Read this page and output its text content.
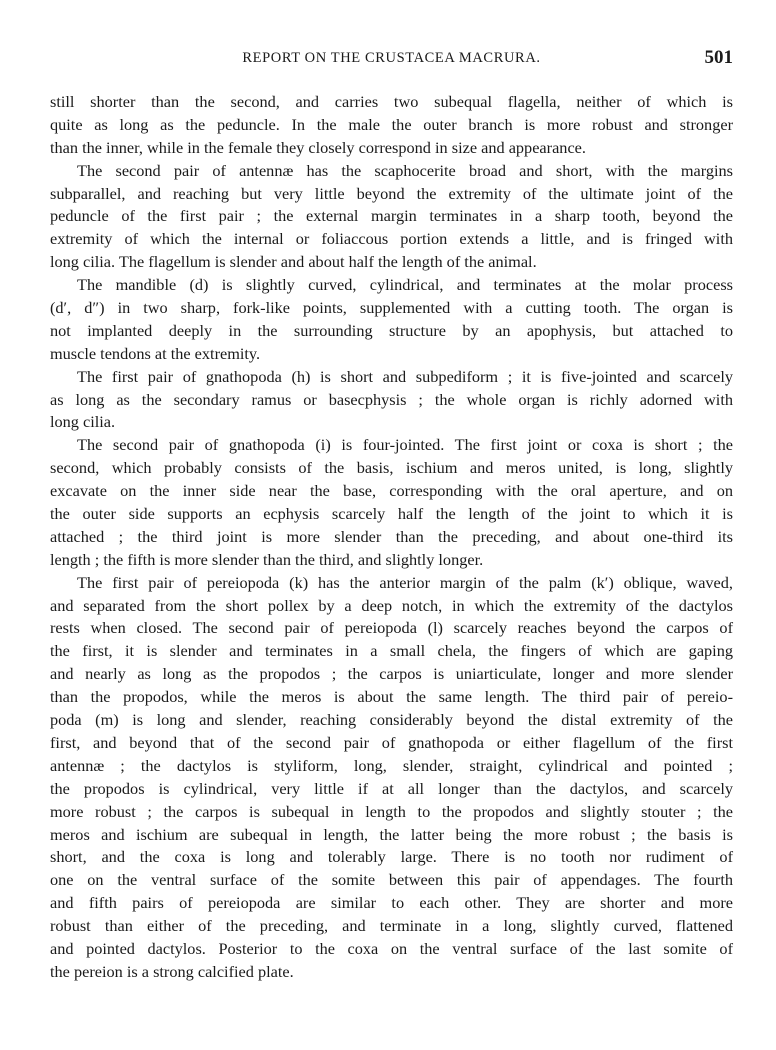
REPORT ON THE CRUSTACEA MACRURA.	501
still shorter than the second, and carries two subequal flagella, neither of which is
quite as long as the peduncle. In the male the outer branch is more robust and stronger
than the inner, while in the female they closely correspond in size and appearance.
The second pair of antennæ has the scaphocerite broad and short, with the margins
subparallel, and reaching but very little beyond the extremity of the ultimate joint of the
peduncle of the first pair ; the external margin terminates in a sharp tooth, beyond the
extremity of which the internal or foliaccous portion extends a little, and is fringed with
long cilia. The flagellum is slender and about half the length of the animal.
The mandible (d) is slightly curved, cylindrical, and terminates at the molar process
(d′, d″) in two sharp, fork-like points, supplemented with a cutting tooth. The organ is
not implanted deeply in the surrounding structure by an apophysis, but attached to
muscle tendons at the extremity.
The first pair of gnathopoda (h) is short and subpediform ; it is five-jointed and scarcely
as long as the secondary ramus or basecphysis ; the whole organ is richly adorned with
long cilia.
The second pair of gnathopoda (i) is four-jointed. The first joint or coxa is short ; the
second, which probably consists of the basis, ischium and meros united, is long, slightly
excavate on the inner side near the base, corresponding with the oral aperture, and on
the outer side supports an ecphysis scarcely half the length of the joint to which it is
attached ; the third joint is more slender than the preceding, and about one-third its
length ; the fifth is more slender than the third, and slightly longer.
The first pair of pereiopoda (k) has the anterior margin of the palm (k′) oblique, waved,
and separated from the short pollex by a deep notch, in which the extremity of the dactylos
rests when closed. The second pair of pereiopoda (l) scarcely reaches beyond the carpos of
the first, it is slender and terminates in a small chela, the fingers of which are gaping
and nearly as long as the propodos ; the carpos is uniarticulate, longer and more slender
than the propodos, while the meros is about the same length. The third pair of pereio-
poda (m) is long and slender, reaching considerably beyond the distal extremity of the
first, and beyond that of the second pair of gnathopoda or either flagellum of the first
antennæ ; the dactylos is styliform, long, slender, straight, cylindrical and pointed ;
the propodos is cylindrical, very little if at all longer than the dactylos, and scarcely
more robust ; the carpos is subequal in length to the propodos and slightly stouter ; the
meros and ischium are subequal in length, the latter being the more robust ; the basis is
short, and the coxa is long and tolerably large. There is no tooth nor rudiment of
one on the ventral surface of the somite between this pair of appendages. The fourth
and fifth pairs of pereiopoda are similar to each other. They are shorter and more
robust than either of the preceding, and terminate in a long, slightly curved, flattened
and pointed dactylos. Posterior to the coxa on the ventral surface of the last somite of
the pereion is a strong calcified plate.
